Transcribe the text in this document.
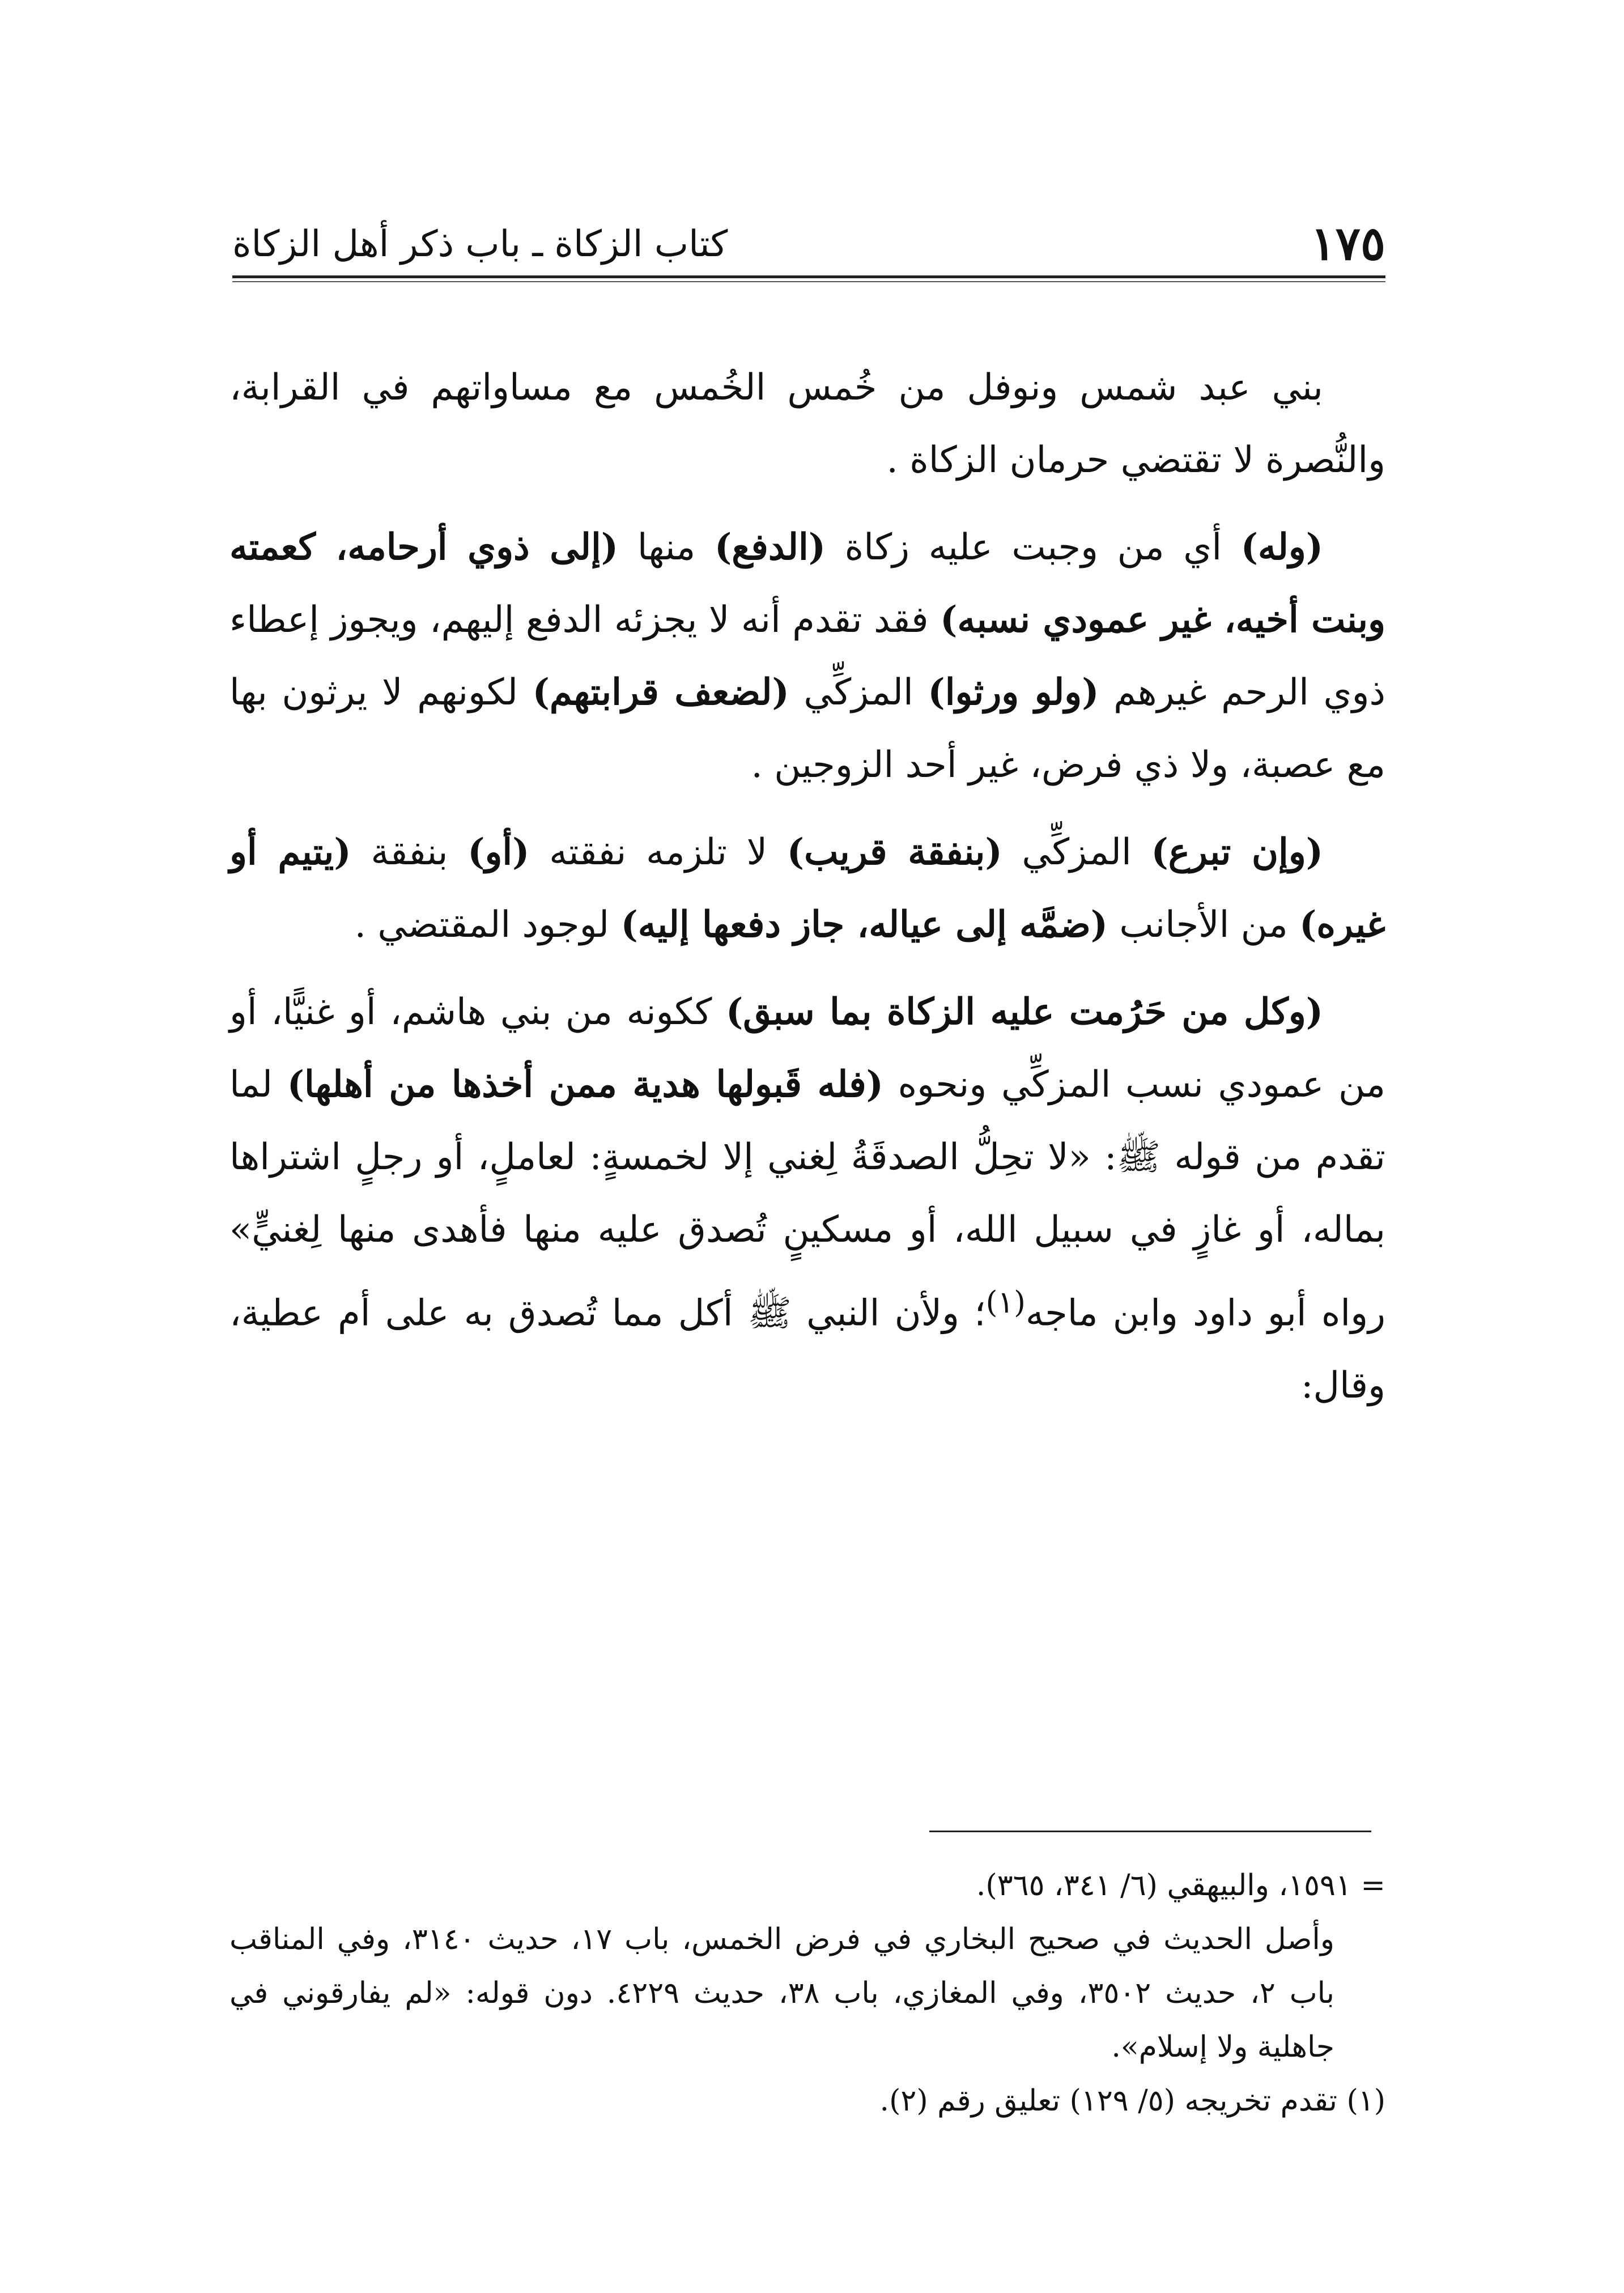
١٧٥
كتاب الزكاة ـ باب ذكر أهل الزكاة

بني عبد شمس ونوفل من خُمس الخُمس مع مساواتهم في القرابة، والنُّصرة لا تقتضي حرمان الزكاة .

(وله) أي من وجبت عليه زكاة (الدفع) منها (إلى ذوي أرحامه، كعمته وبنت أخيه، غير عمودي نسبه) فقد تقدم أنه لا يجزئه الدفع إليهم، ويجوز إعطاء ذوي الرحم غيرهم (ولو ورثوا) المزكِّي (لضعف قرابتهم) لكونهم لا يرثون بها مع عصبة، ولا ذي فرض، غير أحد الزوجين .

(وإن تبرع) المزكِّي (بنفقة قريب) لا تلزمه نفقته (أو) بنفقة (يتيم أو غيره) من الأجانب (ضمَّه إلى عياله، جاز دفعها إليه) لوجود المقتضي .

(وكل من حَرُمت عليه الزكاة بما سبق) ككونه من بني هاشم، أو غنيًّا، أو من عمودي نسب المزكِّي ونحوه (فله قَبولها هدية ممن أخذها من أهلها) لما تقدم من قوله ﷺ: «لا تحِلُّ الصدقَةُ لِغني إلا لخمسةٍ: لعاملٍ، أو رجلٍ اشتراها بماله، أو غازٍ في سبيل الله، أو مسكينٍ تُصدق عليه منها فأهدى منها لِغنيٍّ» رواه أبو داود وابن ماجه$^{(١)}$؛ ولأن النبي ﷺ أكل مما تُصدق به على أم عطية، وقال:

= ١٥٩١، والبيهقي (٦/ ٣٤١، ٣٦٥).

وأصل الحديث في صحيح البخاري في فرض الخمس، باب ١٧، حديث ٣١٤٠، وفي المناقب باب ٢، حديث ٣٥٠٢، وفي المغازي، باب ٣٨، حديث ٤٢٢٩. دون قوله: «لم يفارقوني في جاهلية ولا إسلام».

(١) تقدم تخريجه (٥/ ١٢٩) تعليق رقم (٢).
